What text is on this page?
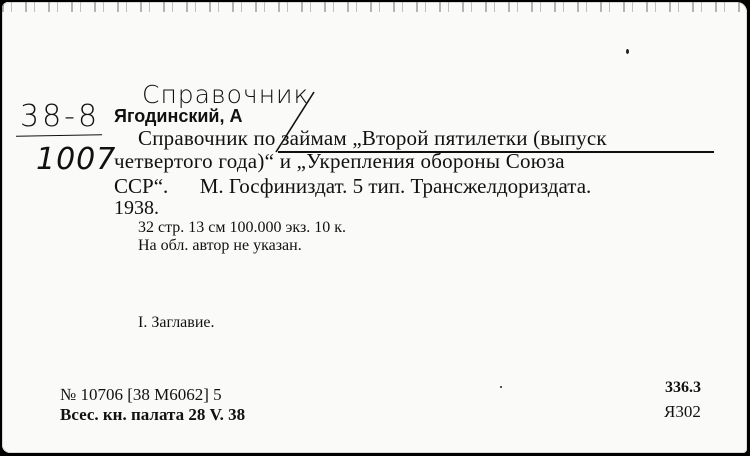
Справочник
38-8
1007
Ягодинский, А
Справочник по займам „Второй пятилетки (выпуск
четвертого года)“ и „Укрепления обороны Союза
ССР“.      М. Госфиниздат. 5 тип. Трансжелдориздата.
1938.
32 стр. 13 см 100.000 экз. 10 к.
На обл. автор не указан.
I. Заглавие.
№ 10706 [38 М6062] 5
Всес. кн. палата 28 V. 38
336.3
Я302
